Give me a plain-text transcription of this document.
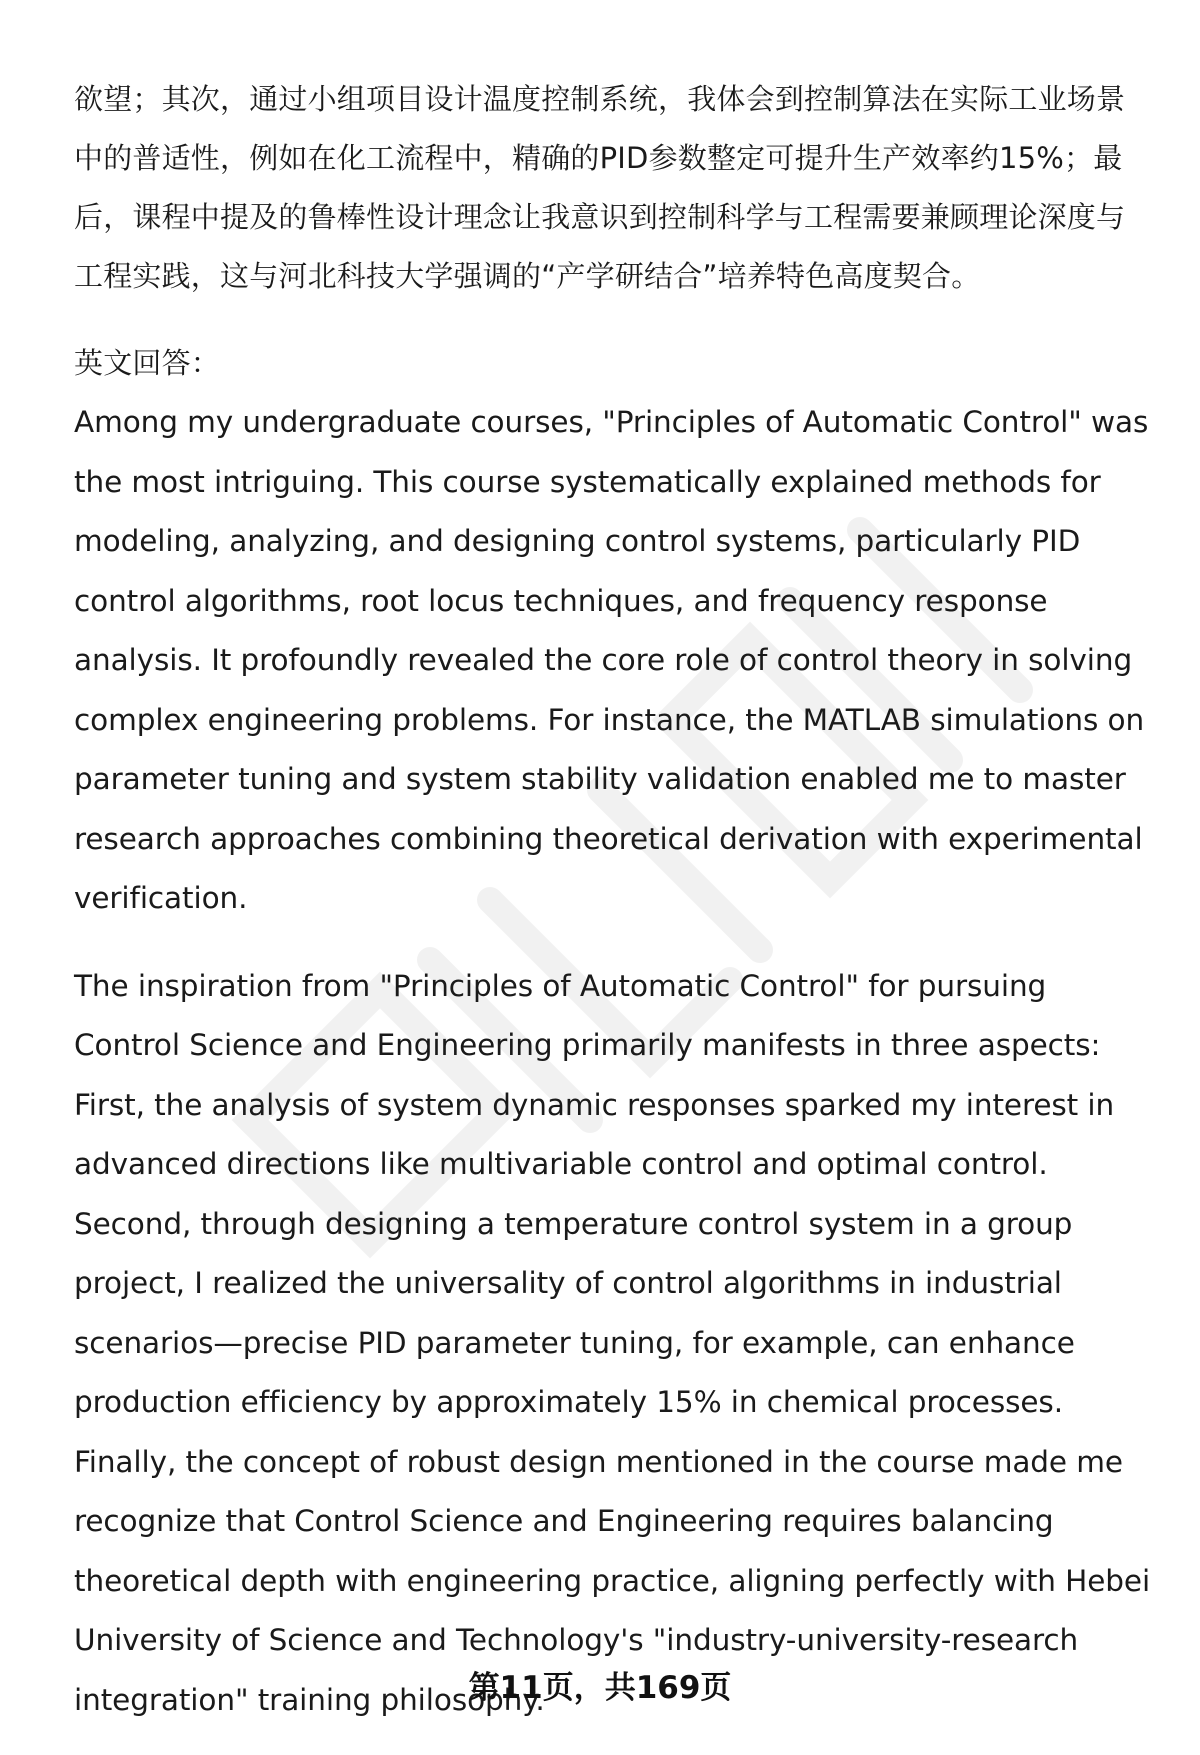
欲望；其次，通过小组项目设计温度控制系统，我体会到控制算法在实际工业场景中的普适性，例如在化工流程中，精确的PID参数整定可提升生产效率约15%；最后，课程中提及的鲁棒性设计理念让我意识到控制科学与工程需要兼顾理论深度与工程实践，这与河北科技大学强调的“产学研结合”培养特色高度契合。

英文回答：

Among my undergraduate courses, "Principles of Automatic Control" was the most intriguing. This course systematically explained methods for modeling, analyzing, and designing control systems, particularly PID control algorithms, root locus techniques, and frequency response analysis. It profoundly revealed the core role of control theory in solving complex engineering problems. For instance, the MATLAB simulations on parameter tuning and system stability validation enabled me to master research approaches combining theoretical derivation with experimental verification.

The inspiration from "Principles of Automatic Control" for pursuing Control Science and Engineering primarily manifests in three aspects: First, the analysis of system dynamic responses sparked my interest in advanced directions like multivariable control and optimal control. Second, through designing a temperature control system in a group project, I realized the universality of control algorithms in industrial scenarios—precise PID parameter tuning, for example, can enhance production efficiency by approximately 15% in chemical processes. Finally, the concept of robust design mentioned in the course made me recognize that Control Science and Engineering requires balancing theoretical depth with engineering practice, aligning perfectly with Hebei University of Science and Technology's "industry-university-research integration" training philosophy.

第11页，共169页
